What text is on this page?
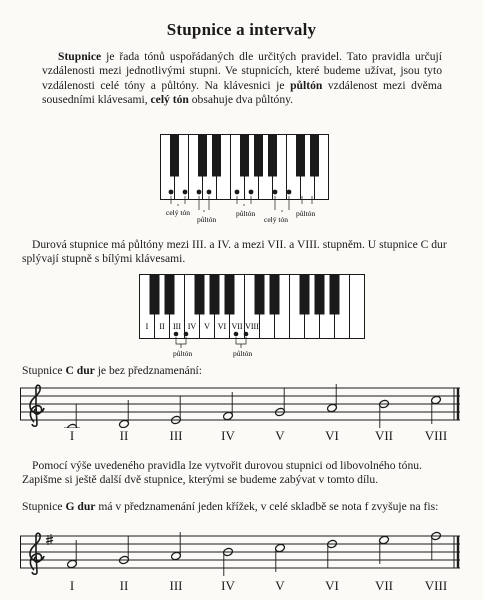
Stupnice a intervaly
Stupnice je řada tónů uspořádaných dle určitých pravidel. Tato pravidla určují vzdálenosti mezi jednotlivými stupni. Ve stupnicích, které budeme užívat, jsou tyto vzdálenosti celé tóny a půltóny. Na klávesnici je půltón vzdálenost mezi dvěma sousedními klávesami, celý tón obsahuje dva půltóny.
celý tón
půltón
půltón
celý tón
půltón
Durová stupnice má půltóny mezi III. a IV. a mezi VII. a VIII. stupněm. U stupnice C dur splývají stupně s bílými klávesami.
I II III IV V VI VII VIII
půltón	půltón
Stupnice C dur je bez předznamenání:
I	II	III	IV	V	VI	VII	VIII
Pomocí výše uvedeného pravidla lze vytvořit durovou stupnici od libovolného tónu. Zapišme si ještě další dvě stupnice, kterými se budeme zabývat v tomto dílu.
Stupnice G dur má v předznamenání jeden křížek, v celé skladbě se nota f zvyšuje na fis:
I	II	III	IV	V	VI	VII	VIII
